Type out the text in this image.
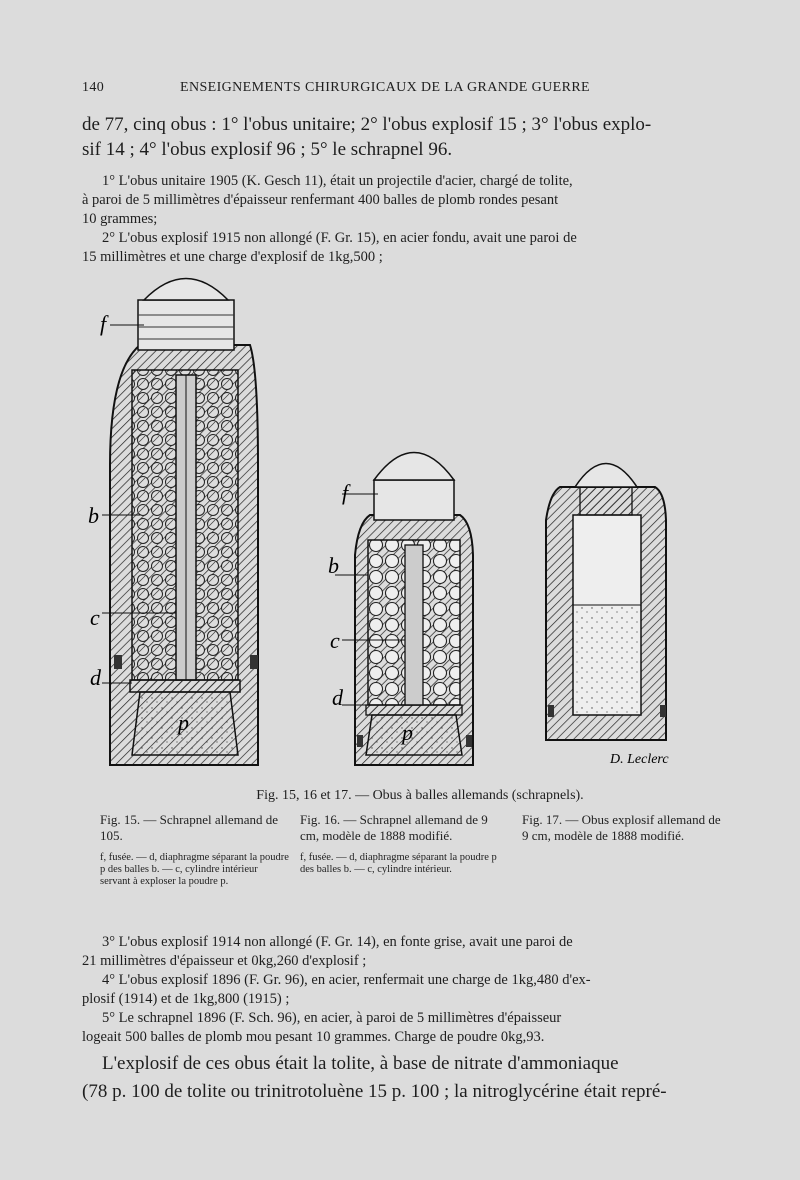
140	ENSEIGNEMENTS CHIRURGICAUX DE LA GRANDE GUERRE
de 77, cinq obus : 1° l'obus unitaire; 2° l'obus explosif 15 ; 3° l'obus explo-
sif 14 ; 4° l'obus explosif 96 ; 5° le schrapnel 96.
1° L'obus unitaire 1905 (K. Gesch 11), était un projectile d'acier, chargé de tolite,
à paroi de 5 millimètres d'épaisseur renfermant 400 balles de plomb rondes pesant
10 grammes;
2° L'obus explosif 1915 non allongé (F. Gr. 15), en acier fondu, avait une paroi de
15 millimètres et une charge d'explosif de 1kg,500 ;
f
b
c
d
p
f
b
c
d
p
D. Leclerc
Fig. 15, 16 et 17. — Obus à balles allemands (schrapnels).
Fig. 15. — Schrapnel allemand de 105.
f, fusée. — d, diaphragme séparant la poudre p des balles b. — c, cylindre intérieur servant à exploser la poudre p.
Fig. 16. — Schrapnel allemand de 9 cm, modèle de 1888 modifié.
f, fusée. — d, diaphragme séparant la poudre p des balles b. — c, cylindre intérieur.
Fig. 17. — Obus explosif allemand de 9 cm, modèle de 1888 modifié.
3° L'obus explosif 1914 non allongé (F. Gr. 14), en fonte grise, avait une paroi de
21 millimètres d'épaisseur et 0kg,260 d'explosif ;
4° L'obus explosif 1896 (F. Gr. 96), en acier, renfermait une charge de 1kg,480 d'ex-
plosif (1914) et de 1kg,800 (1915) ;
5° Le schrapnel 1896 (F. Sch. 96), en acier, à paroi de 5 millimètres d'épaisseur
logeait 500 balles de plomb mou pesant 10 grammes. Charge de poudre 0kg,93.
L'explosif de ces obus était la tolite, à base de nitrate d'ammoniaque
(78 p. 100 de tolite ou trinitrotoluène 15 p. 100 ; la nitroglycérine était repré-
